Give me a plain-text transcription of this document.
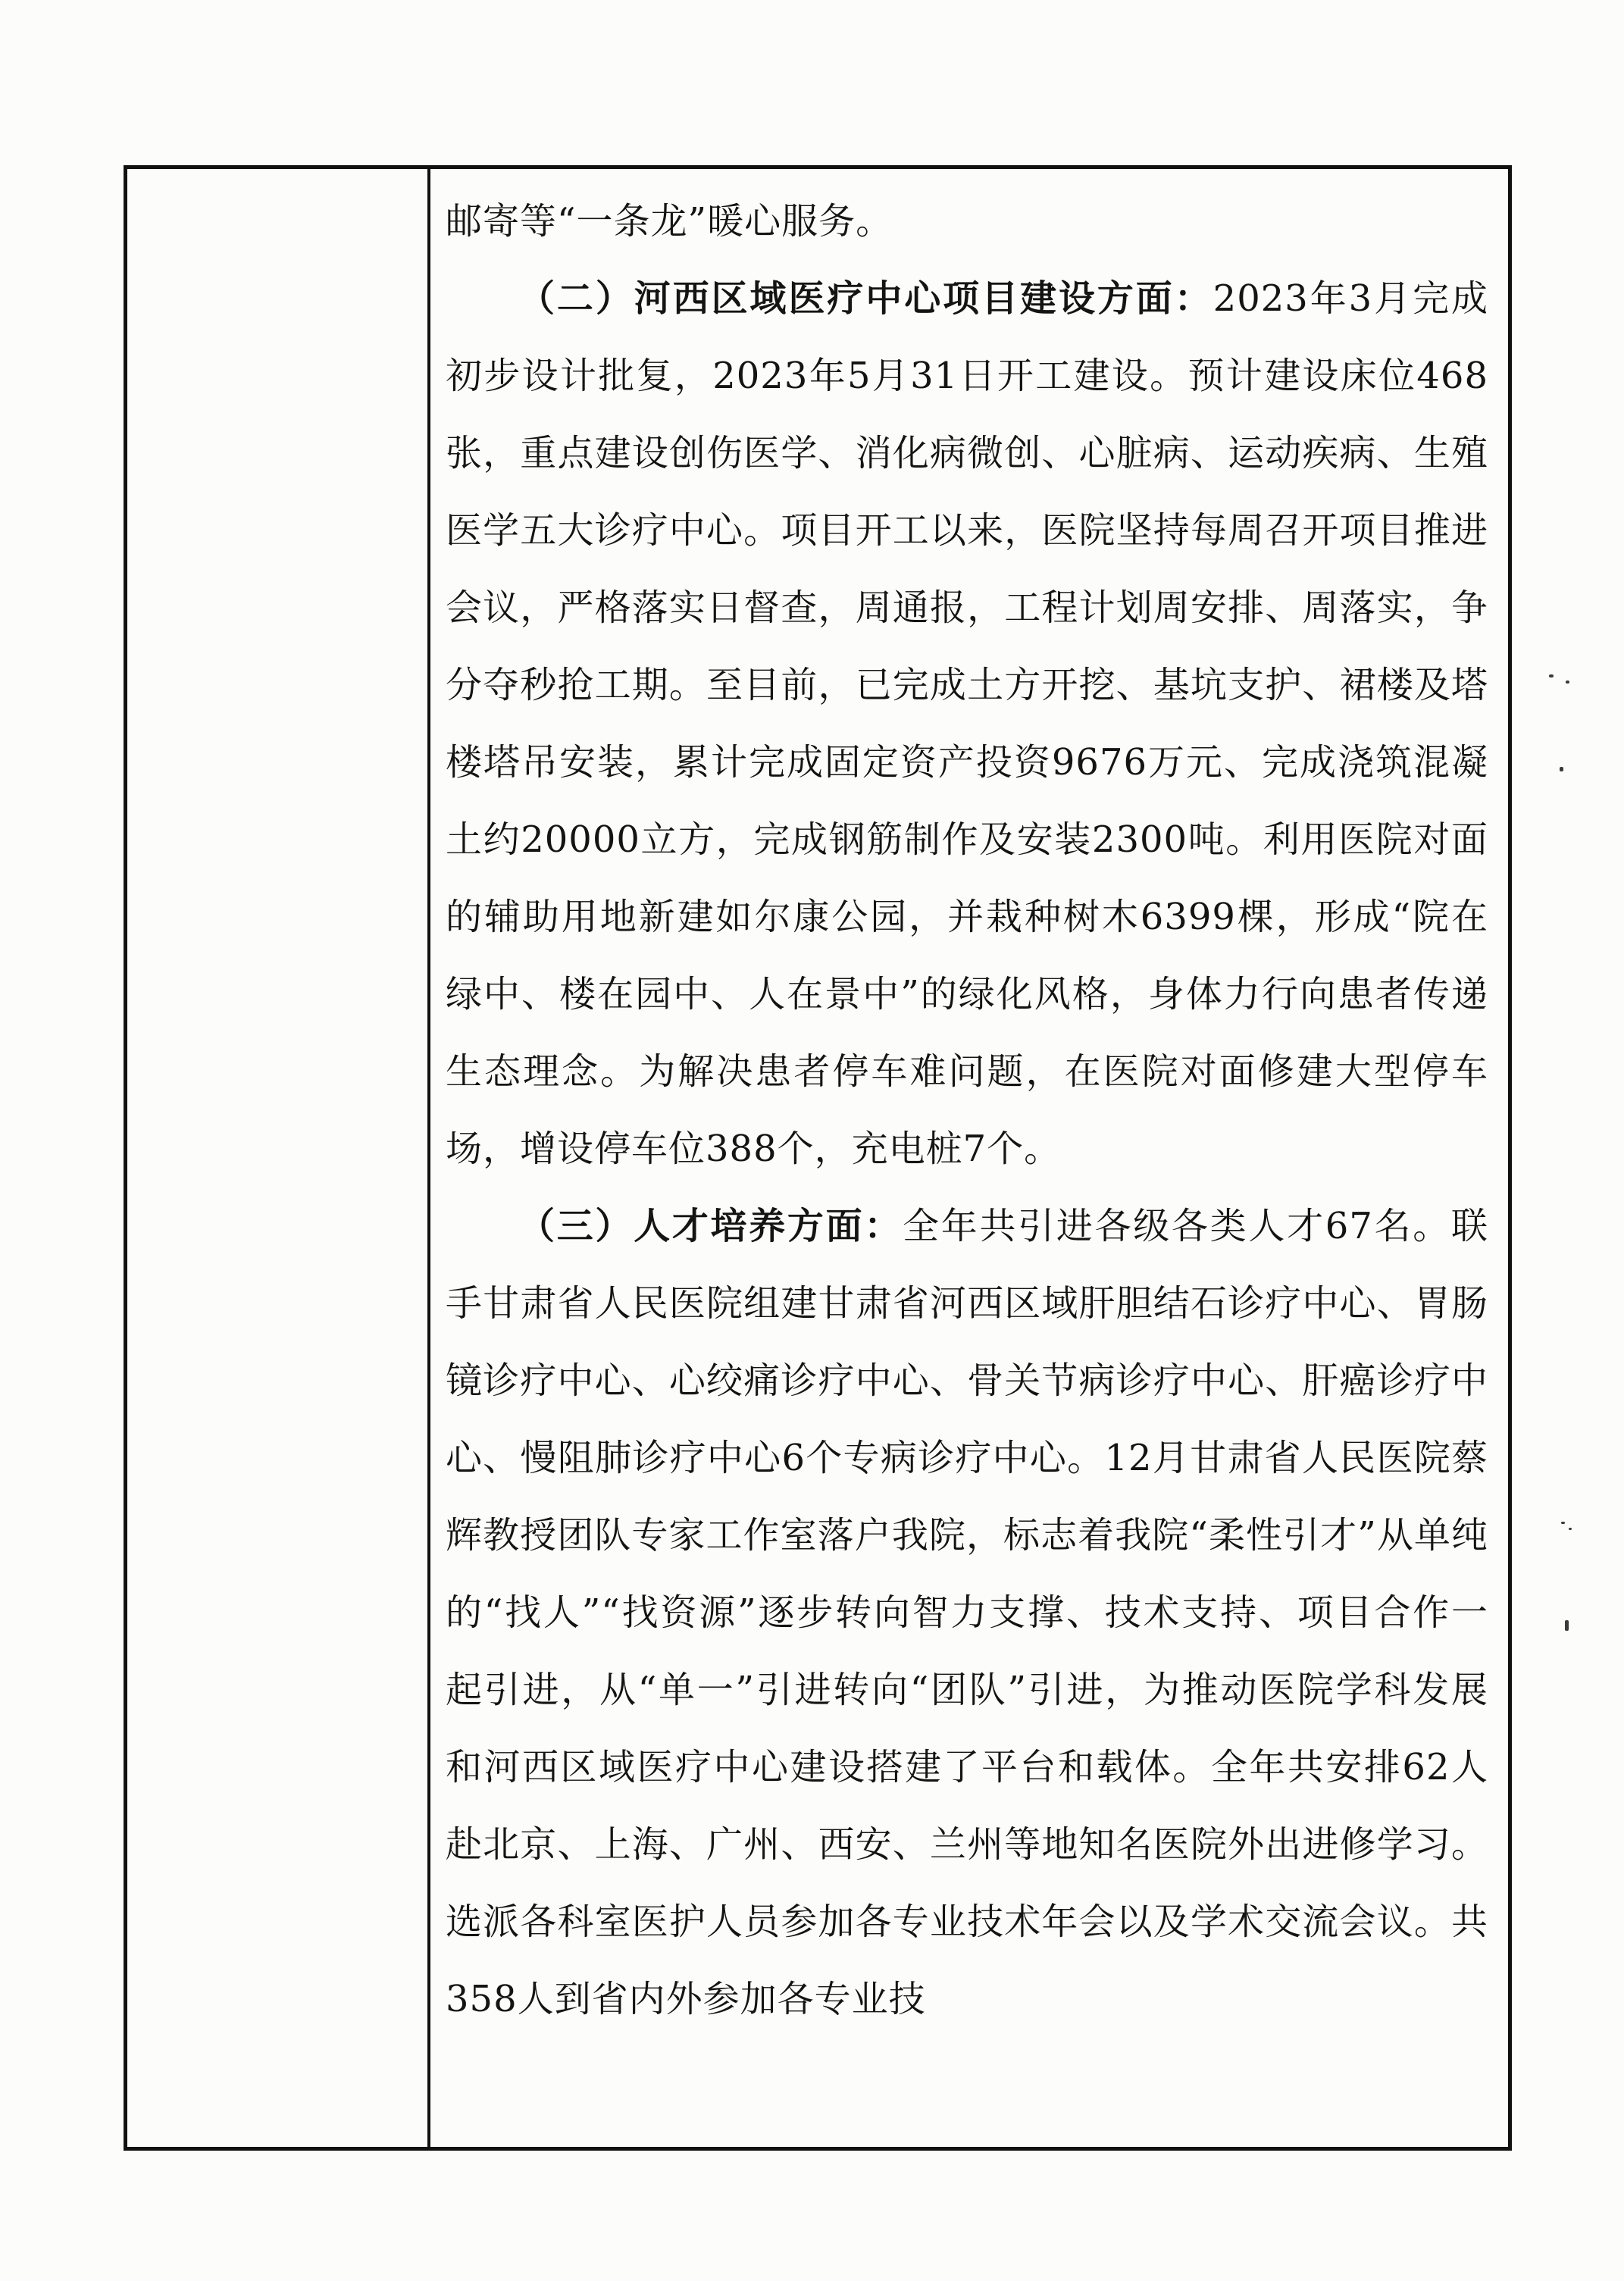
邮寄等“一条龙”暖心服务。

（二）河西区域医疗中心项目建设方面：2023年3月完成初步设计批复，2023年5月31日开工建设。预计建设床位468张，重点建设创伤医学、消化病微创、心脏病、运动疾病、生殖医学五大诊疗中心。项目开工以来，医院坚持每周召开项目推进会议，严格落实日督查，周通报，工程计划周安排、周落实，争分夺秒抢工期。至目前，已完成土方开挖、基坑支护、裙楼及塔楼塔吊安装，累计完成固定资产投资9676万元、完成浇筑混凝土约20000立方，完成钢筋制作及安装2300吨。利用医院对面的辅助用地新建如尔康公园，并栽种树木6399棵，形成“院在绿中、楼在园中、人在景中”的绿化风格，身体力行向患者传递生态理念。为解决患者停车难问题，在医院对面修建大型停车场，增设停车位388个，充电桩7个。

（三）人才培养方面：全年共引进各级各类人才67名。联手甘肃省人民医院组建甘肃省河西区域肝胆结石诊疗中心、胃肠镜诊疗中心、心绞痛诊疗中心、骨关节病诊疗中心、肝癌诊疗中心、慢阻肺诊疗中心6个专病诊疗中心。12月甘肃省人民医院蔡辉教授团队专家工作室落户我院，标志着我院“柔性引才”从单纯的“找人”“找资源”逐步转向智力支撑、技术支持、项目合作一起引进，从“单一”引进转向“团队”引进，为推动医院学科发展和河西区域医疗中心建设搭建了平台和载体。全年共安排62人赴北京、上海、广州、西安、兰州等地知名医院外出进修学习。选派各科室医护人员参加各专业技术年会以及学术交流会议。共358人到省内外参加各专业技
